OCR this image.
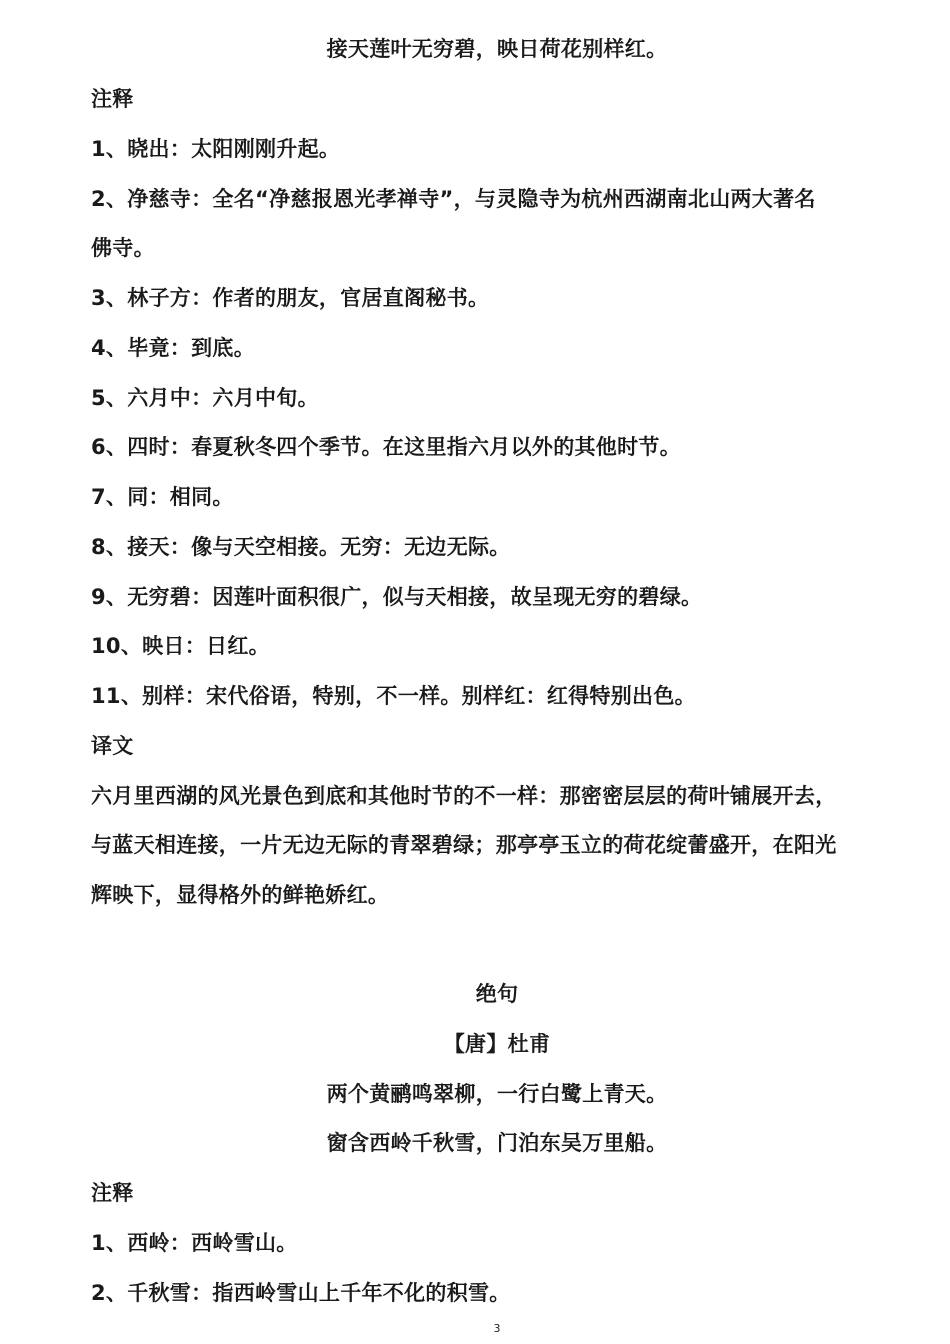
接天莲叶无穷碧，映日荷花别样红。
注释
1、晓出：太阳刚刚升起。
2、净慈寺：全名“净慈报恩光孝禅寺”，与灵隐寺为杭州西湖南北山两大著名
佛寺。
3、林子方：作者的朋友，官居直阁秘书。
4、毕竟：到底。
5、六月中：六月中旬。
6、四时：春夏秋冬四个季节。在这里指六月以外的其他时节。
7、同：相同。
8、接天：像与天空相接。无穷：无边无际。
9、无穷碧：因莲叶面积很广，似与天相接，故呈现无穷的碧绿。
10、映日：日红。
11、别样：宋代俗语，特别，不一样。别样红：红得特别出色。
译文
六月里西湖的风光景色到底和其他时节的不一样：那密密层层的荷叶铺展开去，
与蓝天相连接，一片无边无际的青翠碧绿；那亭亭玉立的荷花绽蕾盛开，在阳光
辉映下，显得格外的鲜艳娇红。
绝句
【唐】杜甫
两个黄鹂鸣翠柳，一行白鹭上青天。
窗含西岭千秋雪，门泊东吴万里船。
注释
1、西岭：西岭雪山。
2、千秋雪：指西岭雪山上千年不化的积雪。
3
